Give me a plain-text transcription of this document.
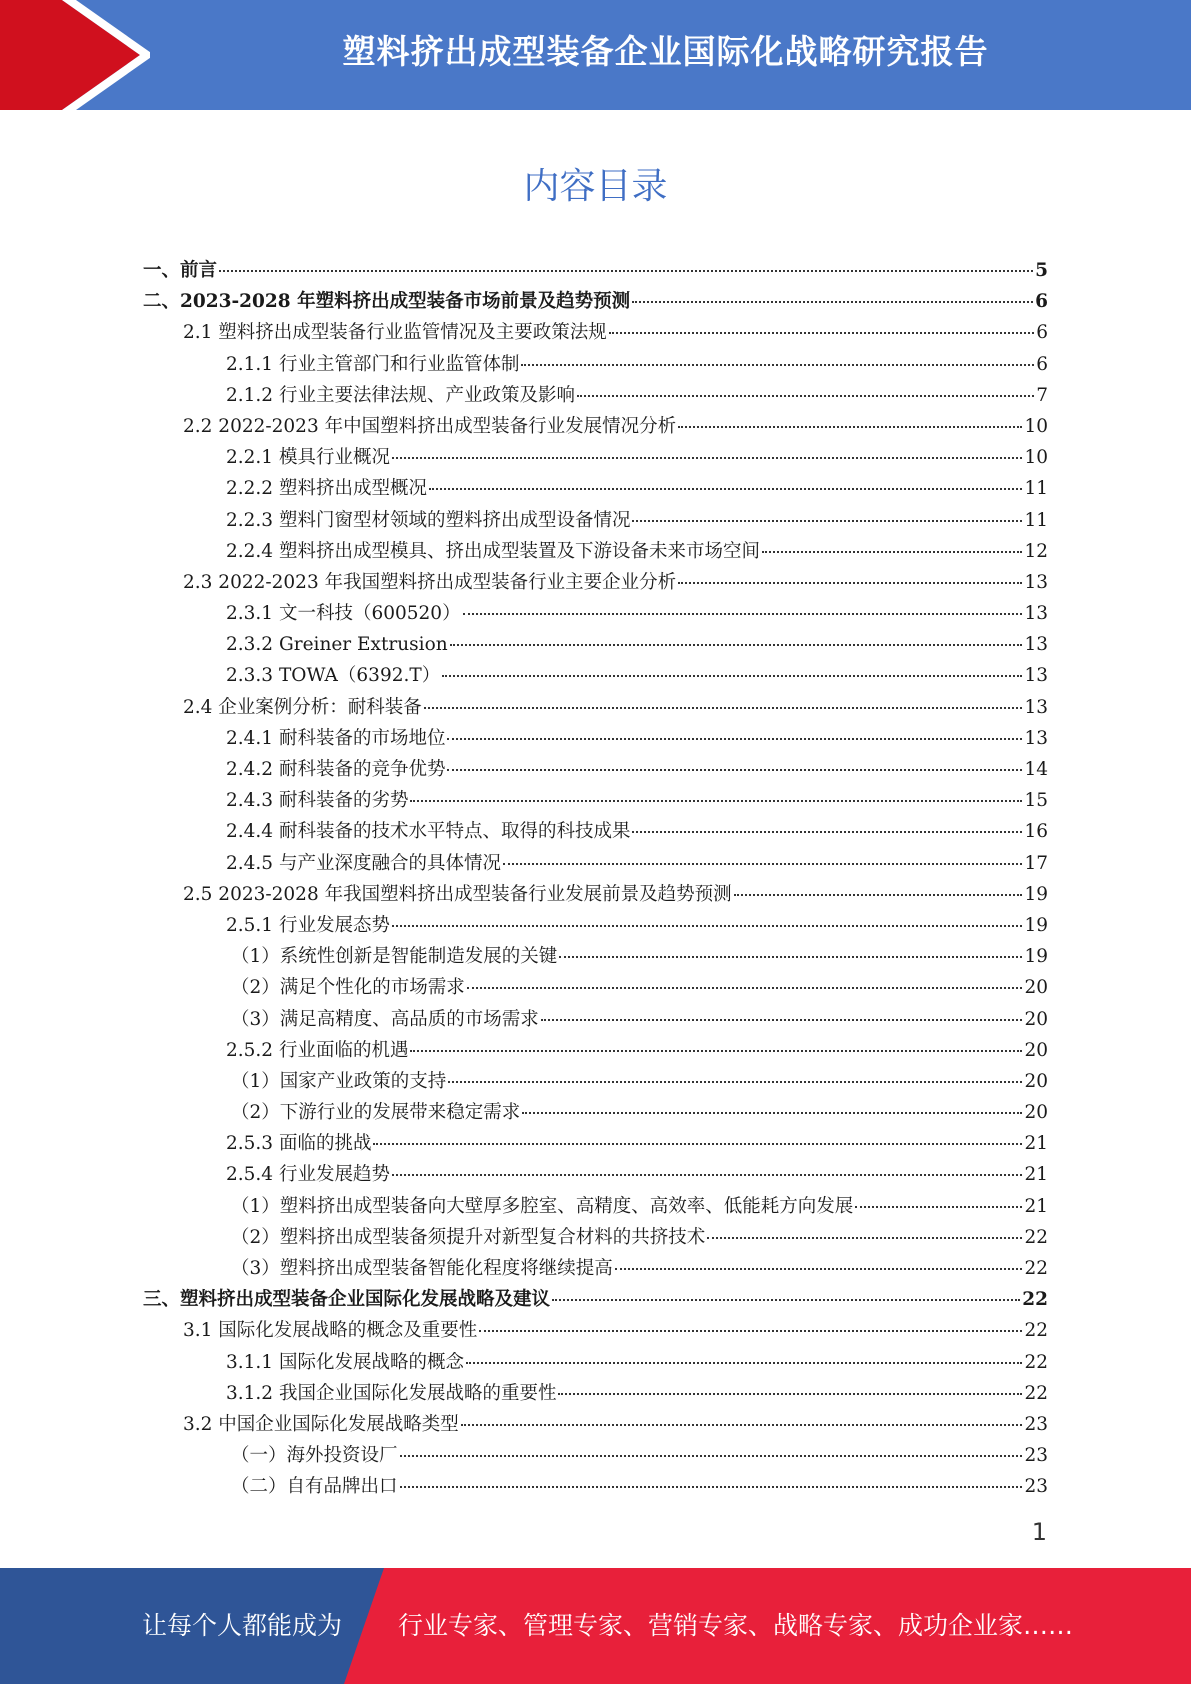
塑料挤出成型装备企业国际化战略研究报告
内容目录
一、前言	5
二、2023-2028 年塑料挤出成型装备市场前景及趋势预测	6
2.1 塑料挤出成型装备行业监管情况及主要政策法规	6
2.1.1 行业主管部门和行业监管体制	6
2.1.2 行业主要法律法规、产业政策及影响	7
2.2 2022-2023 年中国塑料挤出成型装备行业发展情况分析	10
2.2.1 模具行业概况	10
2.2.2 塑料挤出成型概况	11
2.2.3 塑料门窗型材领域的塑料挤出成型设备情况	11
2.2.4 塑料挤出成型模具、挤出成型装置及下游设备未来市场空间	12
2.3 2022-2023 年我国塑料挤出成型装备行业主要企业分析	13
2.3.1 文一科技（600520）	13
2.3.2 Greiner Extrusion	13
2.3.3 TOWA（6392.T）	13
2.4 企业案例分析：耐科装备	13
2.4.1 耐科装备的市场地位	13
2.4.2 耐科装备的竞争优势	14
2.4.3 耐科装备的劣势	15
2.4.4 耐科装备的技术水平特点、取得的科技成果	16
2.4.5 与产业深度融合的具体情况	17
2.5 2023-2028 年我国塑料挤出成型装备行业发展前景及趋势预测	19
2.5.1 行业发展态势	19
（1）系统性创新是智能制造发展的关键	19
（2）满足个性化的市场需求	20
（3）满足高精度、高品质的市场需求	20
2.5.2 行业面临的机遇	20
（1）国家产业政策的支持	20
（2）下游行业的发展带来稳定需求	20
2.5.3 面临的挑战	21
2.5.4 行业发展趋势	21
（1）塑料挤出成型装备向大壁厚多腔室、高精度、高效率、低能耗方向发展	21
（2）塑料挤出成型装备须提升对新型复合材料的共挤技术	22
（3）塑料挤出成型装备智能化程度将继续提高	22
三、塑料挤出成型装备企业国际化发展战略及建议	22
3.1 国际化发展战略的概念及重要性	22
3.1.1 国际化发展战略的概念	22
3.1.2 我国企业国际化发展战略的重要性	22
3.2 中国企业国际化发展战略类型	23
（一）海外投资设厂	23
（二）自有品牌出口	23
1
让每个人都能成为 行业专家、管理专家、营销专家、战略专家、成功企业家……
